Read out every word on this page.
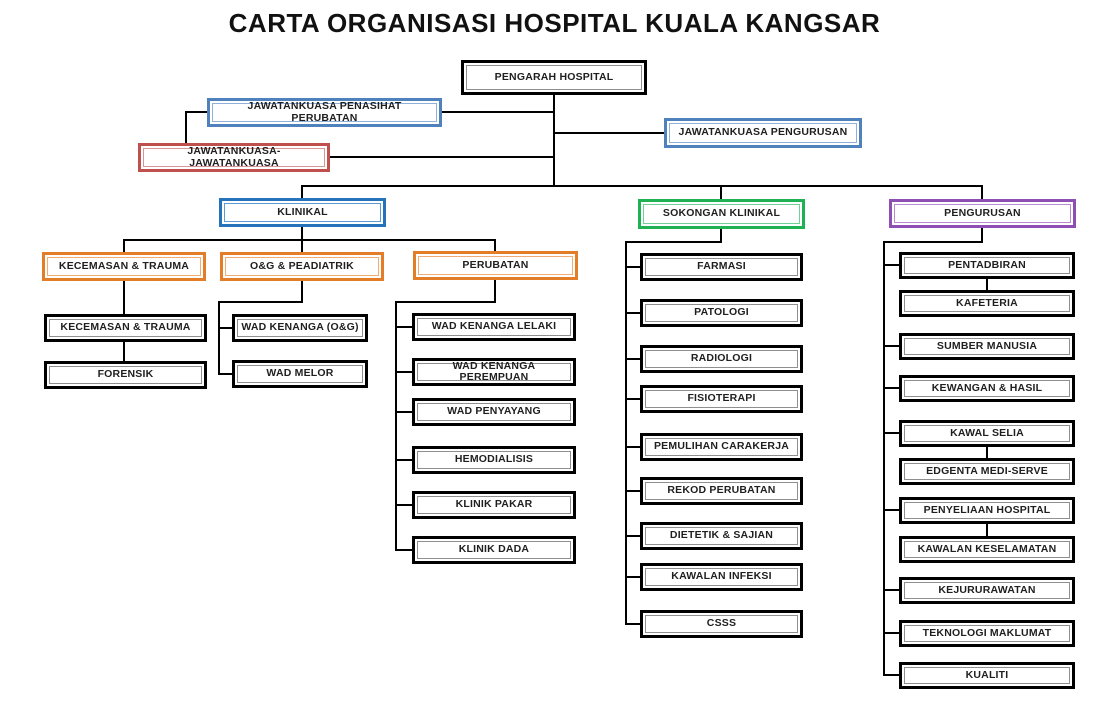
CARTA ORGANISASI HOSPITAL KUALA KANGSAR
PENGARAH HOSPITAL
JAWATANKUASA PENASIHAT PERUBATAN
JAWATANKUASA- JAWATANKUASA
JAWATANKUASA PENGURUSAN
KLINIKAL	SOKONGAN KLINIKAL	PENGURUSAN
KECEMASAN & TRAUMA	O&G & PEADIATRIK	PERUBATAN
KECEMASAN & TRAUMA
FORENSIK
WAD KENANGA (O&G)
WAD MELOR
WAD KENANGA LELAKI
WAD KENANGA PEREMPUAN
WAD PENYAYANG
HEMODIALISIS
KLINIK PAKAR
KLINIK DADA
FARMASI
PATOLOGI
RADIOLOGI
FISIOTERAPI
PEMULIHAN CARAKERJA
REKOD PERUBATAN
DIETETIK & SAJIAN
KAWALAN INFEKSI
CSSS
PENTADBIRAN
KAFETERIA
SUMBER MANUSIA
KEWANGAN & HASIL
KAWAL SELIA
EDGENTA MEDI-SERVE
PENYELIAAN HOSPITAL
KAWALAN KESELAMATAN
KEJURURAWATAN
TEKNOLOGI MAKLUMAT
KUALITI
